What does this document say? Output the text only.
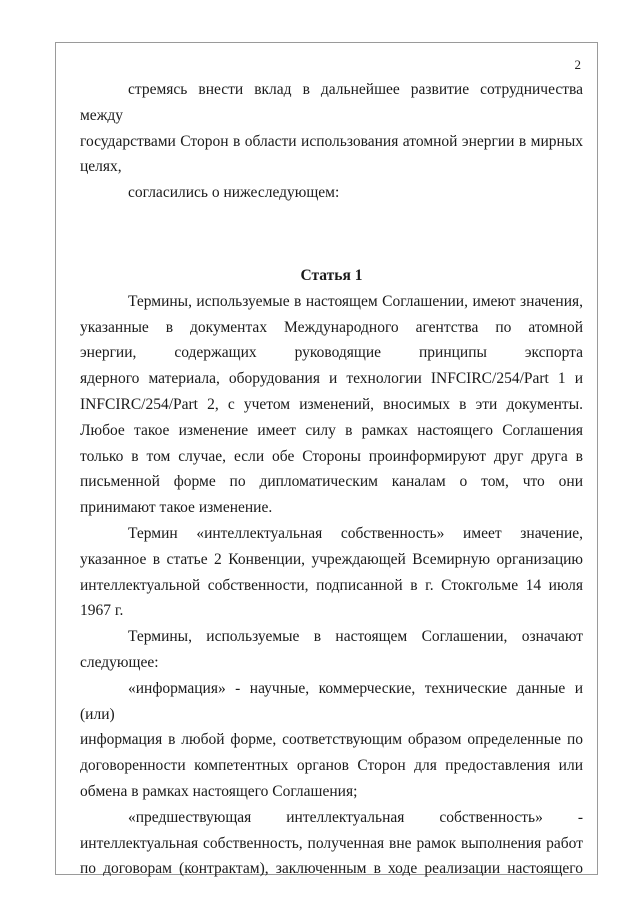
2
стремясь внести вклад в дальнейшее развитие сотрудничества между
государствами Сторон в области использования атомной энергии в мирных
целях,
согласились о нижеследующем:
Статья 1
Термины, используемые в настоящем Соглашении, имеют значения,
указанные в документах Международного агентства по атомной
энергии, содержащих руководящие принципы экспорта
ядерного материала, оборудования и технологии INFCIRC/254/Part 1 и
INFCIRC/254/Part 2, с учетом изменений, вносимых в эти документы.
Любое такое изменение имеет силу в рамках настоящего Соглашения
только в том случае, если обе Стороны проинформируют друг друга в
письменной форме по дипломатическим каналам о том, что они
принимают такое изменение.
Термин «интеллектуальная собственность» имеет значение,
указанное в статье 2 Конвенции, учреждающей Всемирную организацию
интеллектуальной собственности, подписанной в г. Стокгольме 14 июля
1967 г.
Термины, используемые в настоящем Соглашении, означают
следующее:
«информация» - научные, коммерческие, технические данные и (или)
информация в любой форме, соответствующим образом определенные по
договоренности компетентных органов Сторон для предоставления или
обмена в рамках настоящего Соглашения;
«предшествующая интеллектуальная собственность» -
интеллектуальная собственность, полученная вне рамок выполнения работ
по договорам (контрактам), заключенным в ходе реализации настоящего
